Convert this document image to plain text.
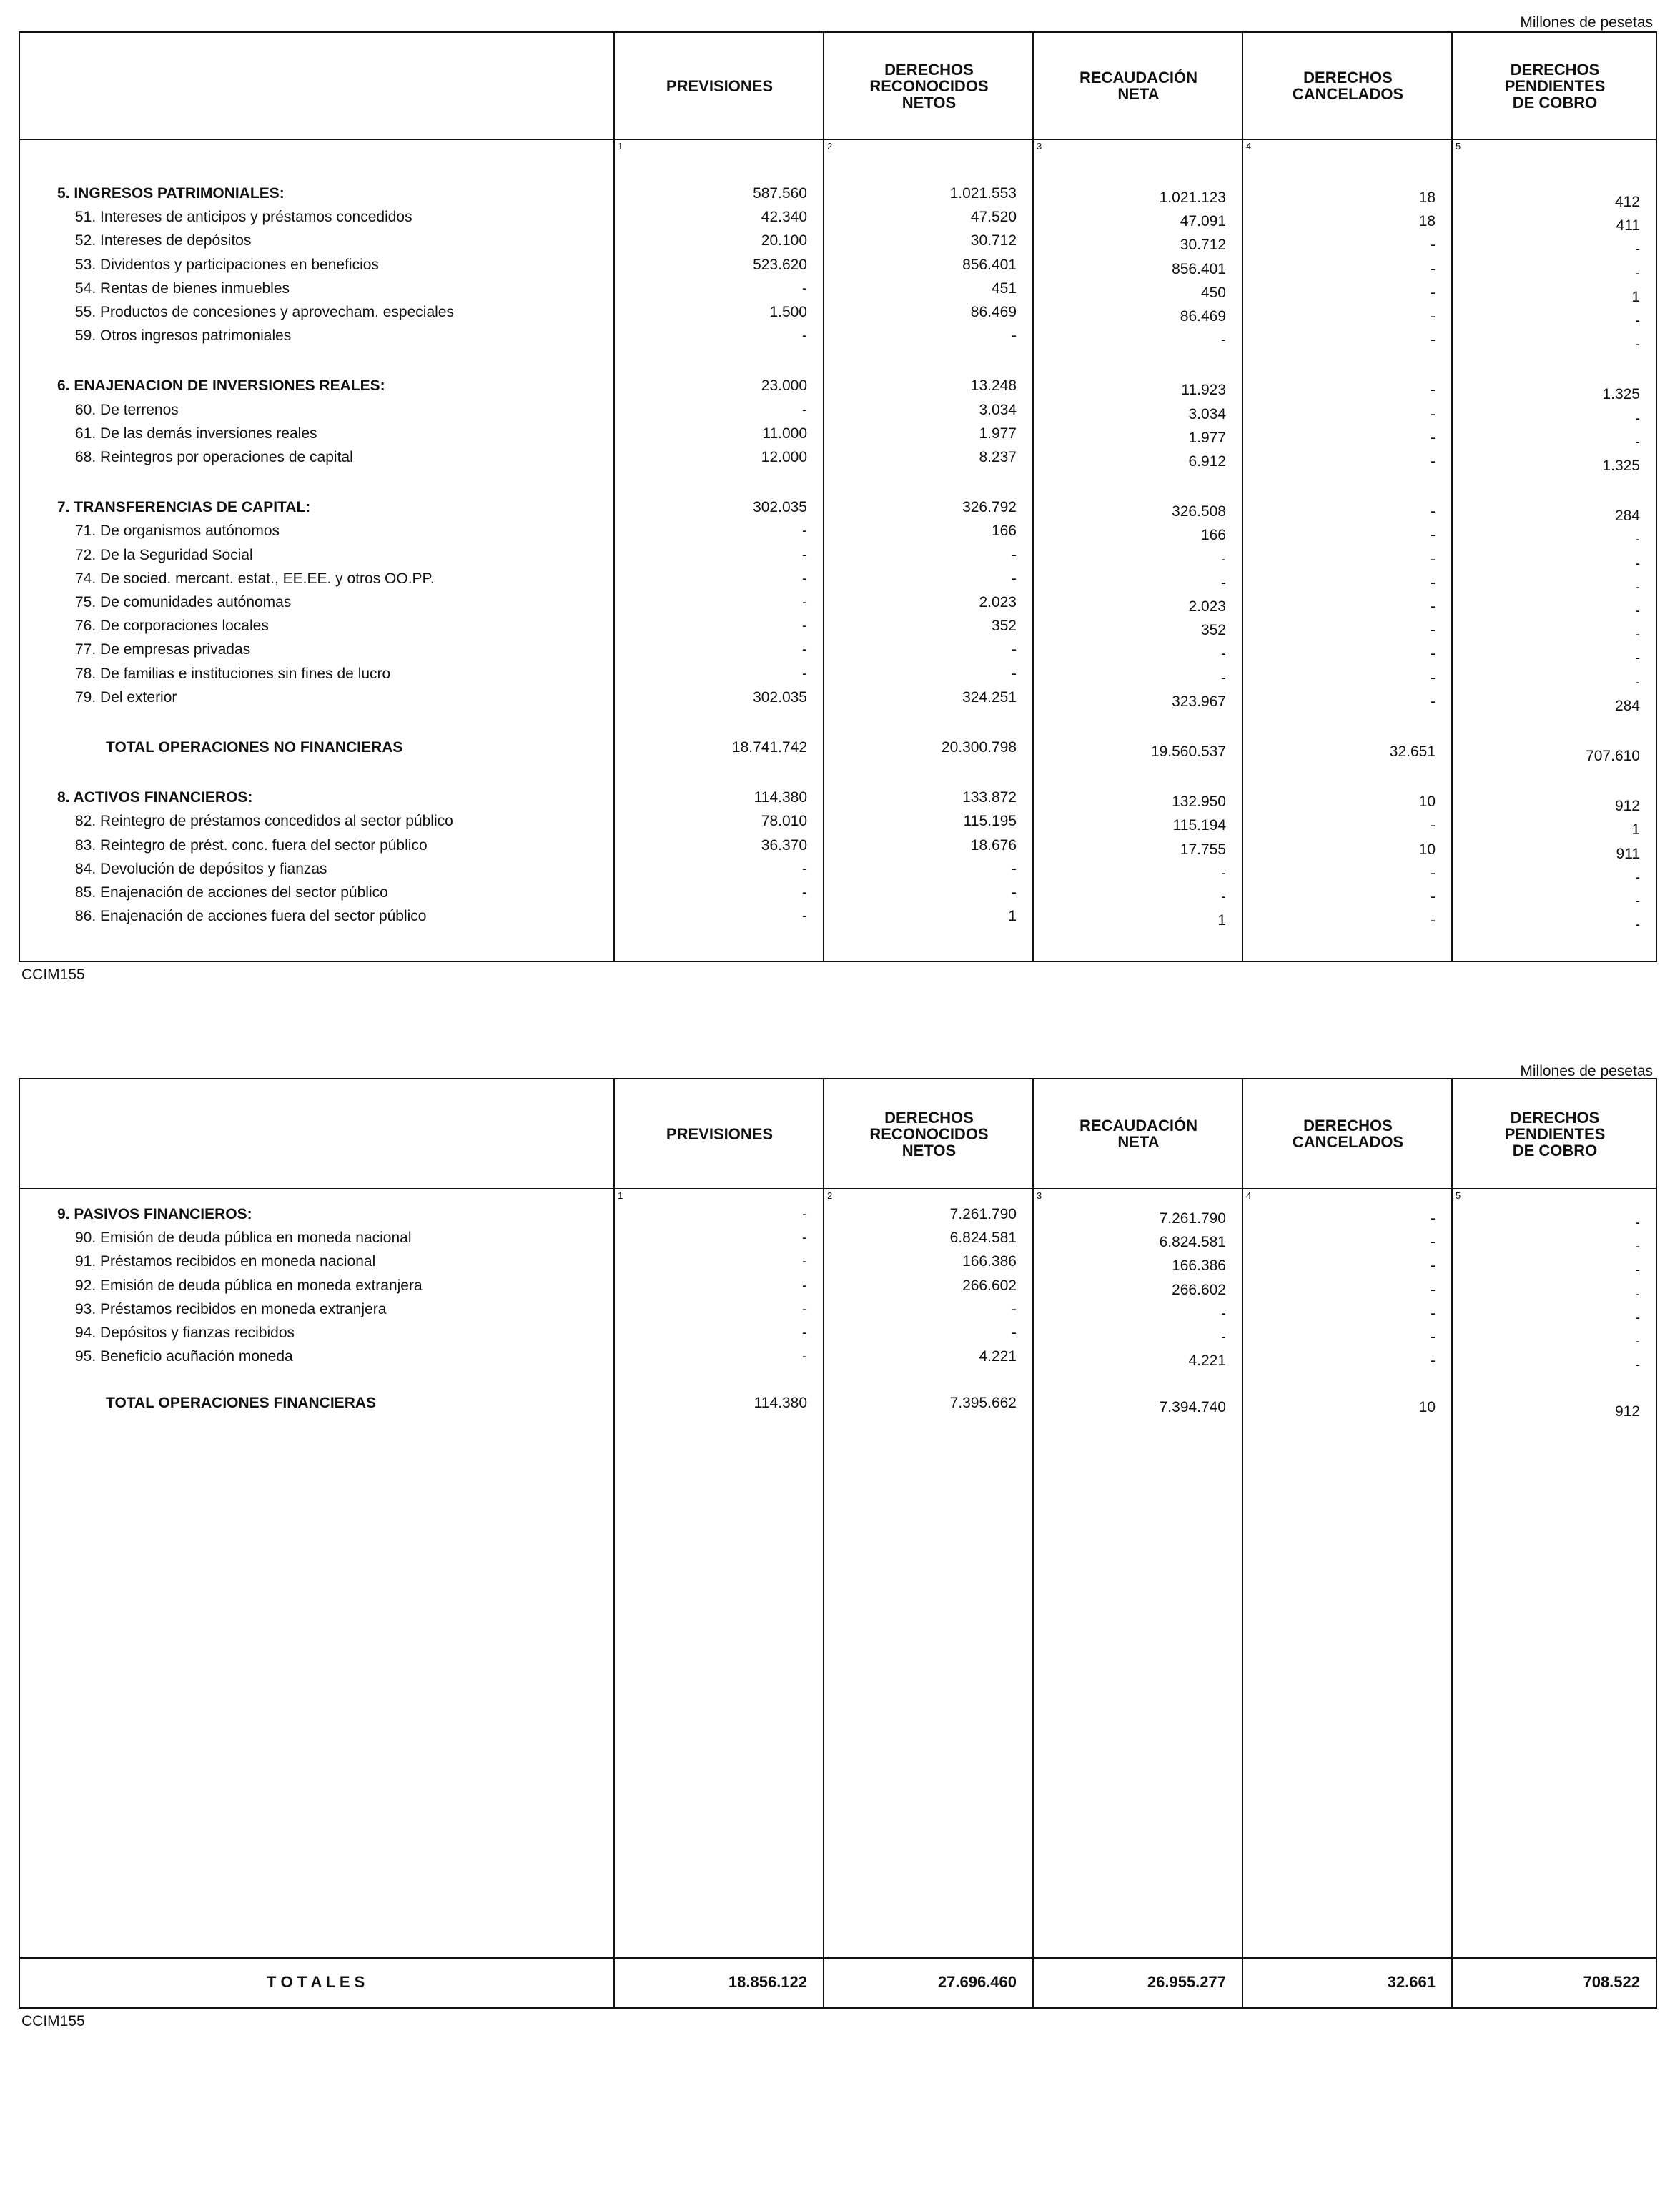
Millones de pesetas
PREVISIONES
1
DERECHOS
RECONOCIDOS
NETOS
2
RECAUDACIÓN
NETA
3
DERECHOS
CANCELADOS
4
DERECHOS
PENDIENTES
DE COBRO
5
5. INGRESOS PATRIMONIALES:	587.560	1.021.553	1.021.123	18	412
51. Intereses de anticipos y préstamos concedidos	42.340	47.520	47.091	18	411
52. Intereses de depósitos	20.100	30.712	30.712	-	-
53. Dividentos y participaciones en beneficios	523.620	856.401	856.401	-	-
54. Rentas de bienes inmuebles	-	451	450	-	1
55. Productos de concesiones y aprovecham. especiales	1.500	86.469	86.469	-	-
59. Otros ingresos patrimoniales	-	-	-	-	-
6. ENAJENACION DE INVERSIONES REALES:	23.000	13.248	11.923	-	1.325
60. De terrenos	-	3.034	3.034	-	-
61. De las demás inversiones reales	11.000	1.977	1.977	-	-
68. Reintegros por operaciones de capital	12.000	8.237	6.912	-	1.325
7. TRANSFERENCIAS DE CAPITAL:	302.035	326.792	326.508	-	284
71. De organismos autónomos	-	166	166	-	-
72. De la Seguridad Social	-	-	-	-	-
74. De socied. mercant. estat., EE.EE. y otros OO.PP.	-	-	-	-	-
75. De comunidades autónomas	-	2.023	2.023	-	-
76. De corporaciones locales	-	352	352	-	-
77. De empresas privadas	-	-	-	-	-
78. De familias e instituciones sin fines de lucro	-	-	-	-	-
79. Del exterior	302.035	324.251	323.967	-	284
TOTAL OPERACIONES NO FINANCIERAS	18.741.742	20.300.798	19.560.537	32.651	707.610
8. ACTIVOS FINANCIEROS:	114.380	133.872	132.950	10	912
82. Reintegro de préstamos concedidos al sector público	78.010	115.195	115.194	-	1
83. Reintegro de prést. conc. fuera del sector público	36.370	18.676	17.755	10	911
84. Devolución de depósitos y fianzas	-	-	-	-	-
85. Enajenación de acciones del sector público	-	-	-	-	-
86. Enajenación de acciones fuera del sector público	-	1	1	-	-
CCIM155
Millones de pesetas
PREVISIONES
1
DERECHOS
RECONOCIDOS
NETOS
2
RECAUDACIÓN
NETA
3
DERECHOS
CANCELADOS
4
DERECHOS
PENDIENTES
DE COBRO
5
9. PASIVOS FINANCIEROS:	-	7.261.790	7.261.790	-	-
90. Emisión de deuda pública en moneda nacional	-	6.824.581	6.824.581	-	-
91. Préstamos recibidos en moneda nacional	-	166.386	166.386	-	-
92. Emisión de deuda pública en moneda extranjera	-	266.602	266.602	-	-
93. Préstamos recibidos en moneda extranjera	-	-	-	-	-
94. Depósitos y fianzas recibidos	-	-	-	-	-
95. Beneficio acuñación moneda	-	4.221	4.221	-	-
TOTAL OPERACIONES FINANCIERAS	114.380	7.395.662	7.394.740	10	912
T O T A L E S	18.856.122	27.696.460	26.955.277	32.661	708.522
CCIM155
